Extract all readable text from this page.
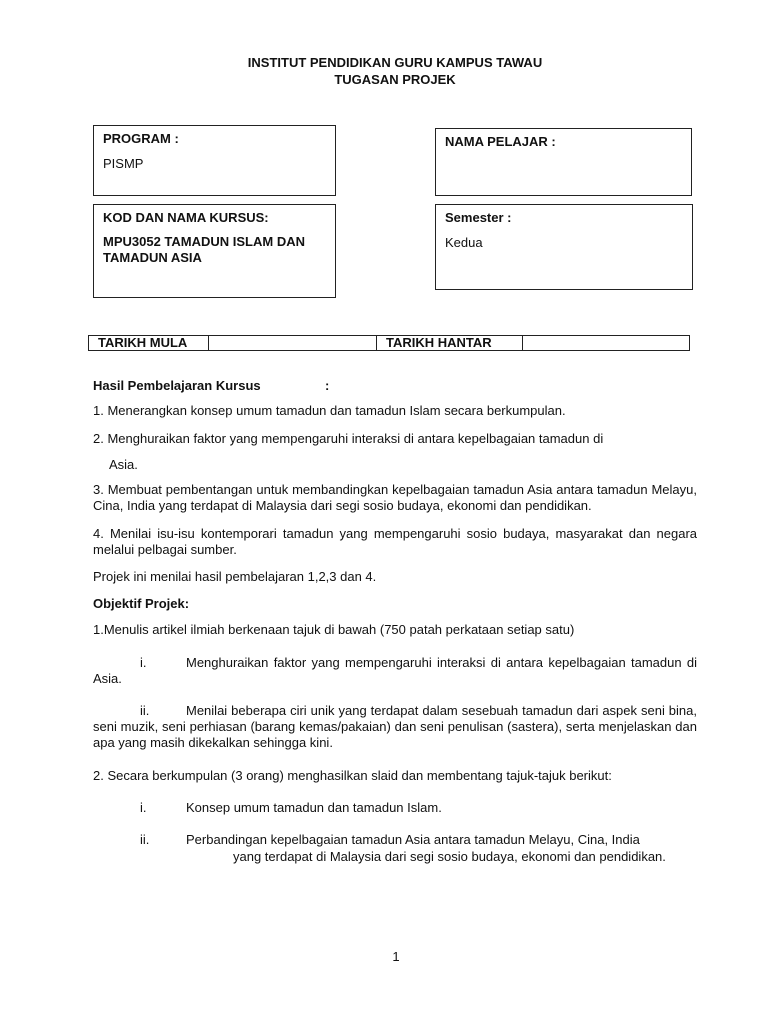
INSTITUT PENDIDIKAN GURU KAMPUS TAWAU
TUGASAN PROJEK
PROGRAM :
PISMP
NAMA PELAJAR :
KOD DAN NAMA KURSUS:
MPU3052 TAMADUN ISLAM DAN TAMADUN ASIA
Semester :
Kedua
TARIKH MULA	TARIKH HANTAR
Hasil Pembelajaran Kursus	:
1. Menerangkan konsep umum tamadun dan tamadun Islam secara berkumpulan.
2. Menghuraikan faktor yang mempengaruhi interaksi di antara kepelbagaian tamadun di
Asia.
3. Membuat pembentangan untuk membandingkan kepelbagaian tamadun Asia antara tamadun Melayu, Cina, India yang terdapat di Malaysia dari segi sosio budaya, ekonomi dan pendidikan.
4. Menilai isu-isu kontemporari tamadun yang mempengaruhi sosio budaya, masyarakat dan negara melalui pelbagai sumber.
Projek ini menilai hasil pembelajaran 1,2,3 dan 4.
Objektif Projek:
1.Menulis artikel ilmiah berkenaan tajuk di bawah (750 patah perkataan setiap satu)
i.	Menghuraikan faktor yang mempengaruhi interaksi di antara kepelbagaian tamadun di Asia.
ii.	Menilai beberapa ciri unik yang terdapat dalam sesebuah tamadun dari aspek seni bina, seni muzik, seni perhiasan (barang kemas/pakaian) dan seni penulisan (sastera), serta menjelaskan dan apa yang masih dikekalkan sehingga kini.
2. Secara berkumpulan (3 orang) menghasilkan slaid dan membentang tajuk-tajuk berikut:
i.	Konsep umum tamadun dan tamadun Islam.
ii.	Perbandingan kepelbagaian tamadun Asia antara tamadun Melayu, Cina, India
yang terdapat di Malaysia dari segi sosio budaya, ekonomi dan pendidikan.
1
